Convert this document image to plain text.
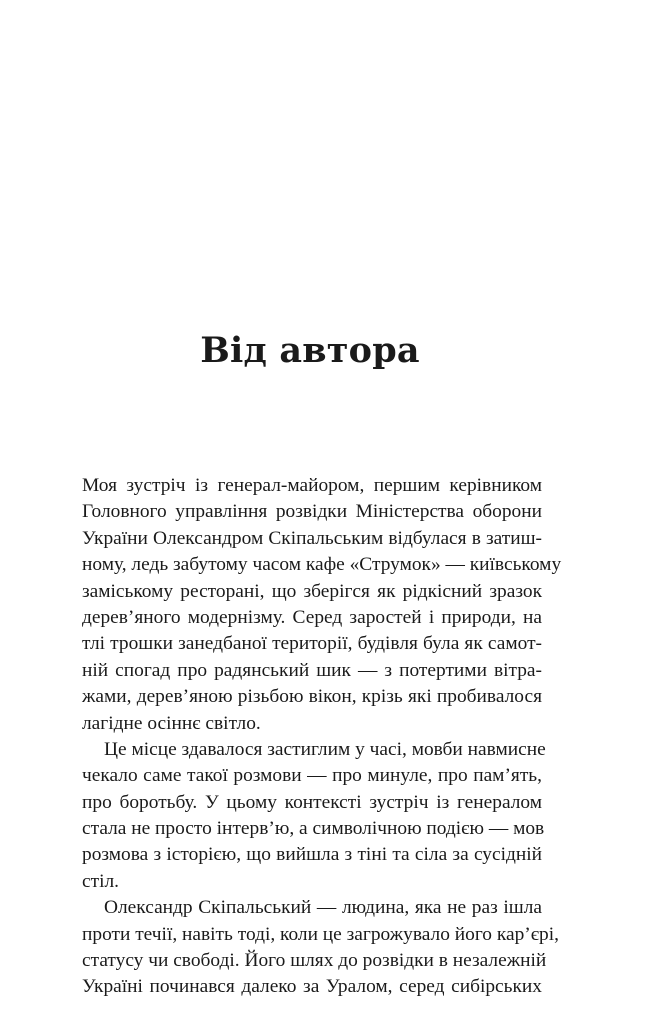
Від автора
Моя зустріч із генерал-майором, першим керівником
Головного управління розвідки Міністерства оборони
України Олександром Скіпальським відбулася в затиш-
ному, ледь забутому часом кафе «Струмок» — київському
заміському ресторані, що зберігся як рідкісний зразок
дерев’яного модернізму. Серед заростей і природи, на
тлі трошки занедбаної території, будівля була як самот-
ній спогад про радянський шик — з потертими вітра-
жами, дерев’яною різьбою вікон, крізь які пробивалося
лагідне осіннє світло.
Це місце здавалося застиглим у часі, мовби навмисне
чекало саме такої розмови — про минуле, про пам’ять,
про боротьбу. У цьому контексті зустріч із генералом
стала не просто інтерв’ю, а символічною подією — мов
розмова з історією, що вийшла з тіні та сіла за сусідній
стіл.
Олександр Скіпальський — людина, яка не раз ішла
проти течії, навіть тоді, коли це загрожувало його кар’єрі,
статусу чи свободі. Його шлях до розвідки в незалежній
Україні починався далеко за Уралом, серед сибірських
